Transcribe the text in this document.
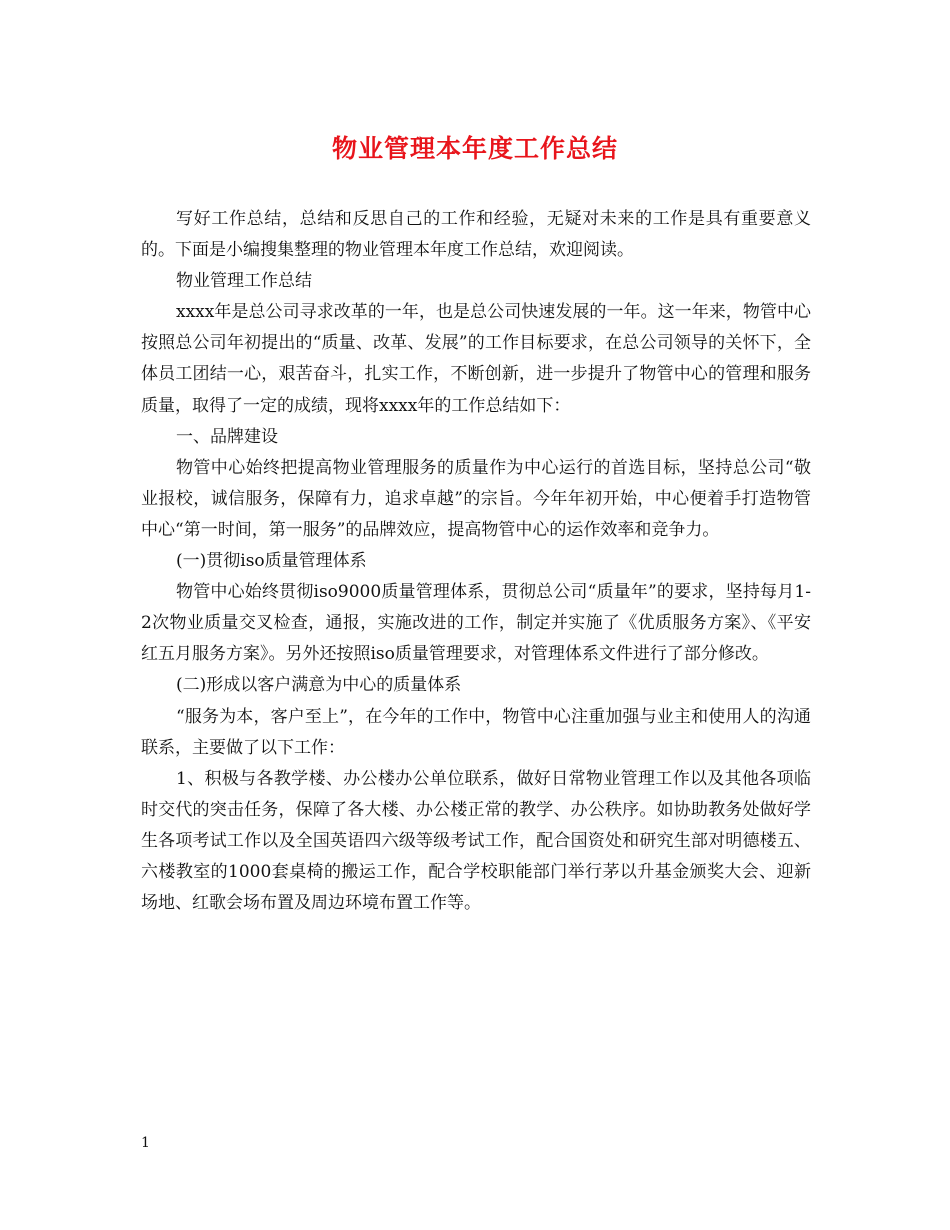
物业管理本年度工作总结

写好工作总结，总结和反思自己的工作和经验，无疑对未来的工作是具有重要意义的。下面是小编搜集整理的物业管理本年度工作总结，欢迎阅读。

物业管理工作总结

xxxx年是总公司寻求改革的一年，也是总公司快速发展的一年。这一年来，物管中心按照总公司年初提出的“质量、改革、发展”的工作目标要求，在总公司领导的关怀下，全体员工团结一心，艰苦奋斗，扎实工作，不断创新，进一步提升了物管中心的管理和服务质量，取得了一定的成绩，现将xxxx年的工作总结如下：

一、品牌建设

物管中心始终把提高物业管理服务的质量作为中心运行的首选目标，坚持总公司“敬业报校，诚信服务，保障有力，追求卓越”的宗旨。今年年初开始，中心便着手打造物管中心“第一时间，第一服务”的品牌效应，提高物管中心的运作效率和竞争力。

(一)贯彻iso质量管理体系

物管中心始终贯彻iso9000质量管理体系，贯彻总公司“质量年”的要求，坚持每月1-2次物业质量交叉检查，通报，实施改进的工作，制定并实施了《优质服务方案》、《平安红五月服务方案》。另外还按照iso质量管理要求，对管理体系文件进行了部分修改。

(二)形成以客户满意为中心的质量体系

“服务为本，客户至上”，在今年的工作中，物管中心注重加强与业主和使用人的沟通联系，主要做了以下工作：

1、积极与各教学楼、办公楼办公单位联系，做好日常物业管理工作以及其他各项临时交代的突击任务，保障了各大楼、办公楼正常的教学、办公秩序。如协助教务处做好学生各项考试工作以及全国英语四六级等级考试工作，配合国资处和研究生部对明德楼五、六楼教室的1000套桌椅的搬运工作，配合学校职能部门举行茅以升基金颁奖大会、迎新场地、红歌会场布置及周边环境布置工作等。

1
